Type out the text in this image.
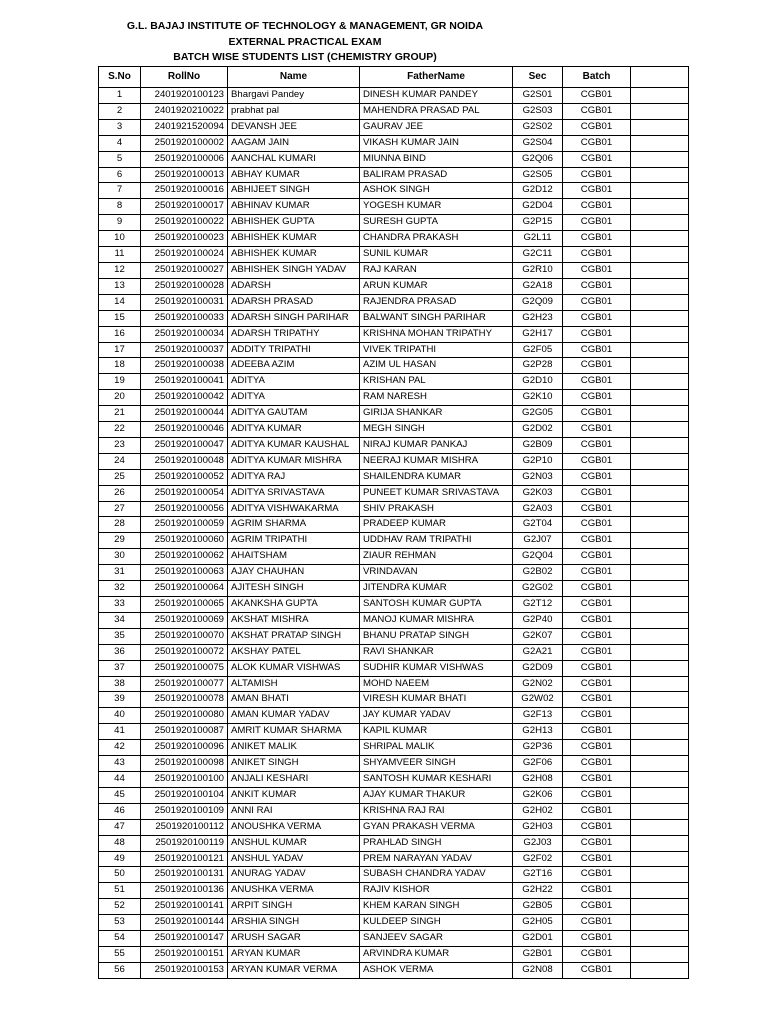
G.L. BAJAJ INSTITUTE OF TECHNOLOGY & MANAGEMENT, GR NOIDA
EXTERNAL PRACTICAL EXAM
BATCH WISE STUDENTS LIST (CHEMISTRY GROUP)
S.No	RollNo	Name	FatherName	Sec	Batch	
1	2401920100123	Bhargavi Pandey	DINESH KUMAR PANDEY	G2S01	CGB01	
2	2401920210022	prabhat pal	MAHENDRA PRASAD PAL	G2S03	CGB01	
3	2401921520094	DEVANSH JEE	GAURAV JEE	G2S02	CGB01	
4	2501920100002	AAGAM JAIN	VIKASH KUMAR JAIN	G2S04	CGB01	
5	2501920100006	AANCHAL KUMARI	MIUNNA BIND	G2Q06	CGB01	
6	2501920100013	ABHAY KUMAR	BALIRAM PRASAD	G2S05	CGB01	
7	2501920100016	ABHIJEET SINGH	ASHOK SINGH	G2D12	CGB01	
8	2501920100017	ABHINAV KUMAR	YOGESH KUMAR	G2D04	CGB01	
9	2501920100022	ABHISHEK GUPTA	SURESH GUPTA	G2P15	CGB01	
10	2501920100023	ABHISHEK KUMAR	CHANDRA PRAKASH	G2L11	CGB01	
11	2501920100024	ABHISHEK KUMAR	SUNIL KUMAR	G2C11	CGB01	
12	2501920100027	ABHISHEK SINGH YADAV	RAJ KARAN	G2R10	CGB01	
13	2501920100028	ADARSH	ARUN KUMAR	G2A18	CGB01	
14	2501920100031	ADARSH PRASAD	RAJENDRA PRASAD	G2Q09	CGB01	
15	2501920100033	ADARSH SINGH PARIHAR	BALWANT SINGH PARIHAR	G2H23	CGB01	
16	2501920100034	ADARSH TRIPATHY	KRISHNA MOHAN TRIPATHY	G2H17	CGB01	
17	2501920100037	ADDITY TRIPATHI	VIVEK TRIPATHI	G2F05	CGB01	
18	2501920100038	ADEEBA AZIM	AZIM UL HASAN	G2P28	CGB01	
19	2501920100041	ADITYA	KRISHAN PAL	G2D10	CGB01	
20	2501920100042	ADITYA	RAM NARESH	G2K10	CGB01	
21	2501920100044	ADITYA GAUTAM	GIRIJA SHANKAR	G2G05	CGB01	
22	2501920100046	ADITYA KUMAR	MEGH SINGH	G2D02	CGB01	
23	2501920100047	ADITYA KUMAR KAUSHAL	NIRAJ KUMAR PANKAJ	G2B09	CGB01	
24	2501920100048	ADITYA KUMAR MISHRA	NEERAJ KUMAR MISHRA	G2P10	CGB01	
25	2501920100052	ADITYA RAJ	SHAILENDRA KUMAR	G2N03	CGB01	
26	2501920100054	ADITYA SRIVASTAVA	PUNEET KUMAR SRIVASTAVA	G2K03	CGB01	
27	2501920100056	ADITYA VISHWAKARMA	SHIV PRAKASH	G2A03	CGB01	
28	2501920100059	AGRIM SHARMA	PRADEEP KUMAR	G2T04	CGB01	
29	2501920100060	AGRIM TRIPATHI	UDDHAV RAM TRIPATHI	G2J07	CGB01	
30	2501920100062	AHAITSHAM	ZIAUR REHMAN	G2Q04	CGB01	
31	2501920100063	AJAY CHAUHAN	VRINDAVAN	G2B02	CGB01	
32	2501920100064	AJITESH SINGH	JITENDRA KUMAR	G2G02	CGB01	
33	2501920100065	AKANKSHA GUPTA	SANTOSH KUMAR GUPTA	G2T12	CGB01	
34	2501920100069	AKSHAT MISHRA	MANOJ KUMAR MISHRA	G2P40	CGB01	
35	2501920100070	AKSHAT PRATAP SINGH	BHANU PRATAP SINGH	G2K07	CGB01	
36	2501920100072	AKSHAY PATEL	RAVI SHANKAR	G2A21	CGB01	
37	2501920100075	ALOK KUMAR VISHWAS	SUDHIR KUMAR VISHWAS	G2D09	CGB01	
38	2501920100077	ALTAMISH	MOHD NAEEM	G2N02	CGB01	
39	2501920100078	AMAN BHATI	VIRESH KUMAR BHATI	G2W02	CGB01	
40	2501920100080	AMAN KUMAR YADAV	JAY KUMAR YADAV	G2F13	CGB01	
41	2501920100087	AMRIT KUMAR SHARMA	KAPIL KUMAR	G2H13	CGB01	
42	2501920100096	ANIKET MALIK	SHRIPAL MALIK	G2P36	CGB01	
43	2501920100098	ANIKET SINGH	SHYAMVEER SINGH	G2F06	CGB01	
44	2501920100100	ANJALI KESHARI	SANTOSH KUMAR KESHARI	G2H08	CGB01	
45	2501920100104	ANKIT KUMAR	AJAY KUMAR THAKUR	G2K06	CGB01	
46	2501920100109	ANNI RAI	KRISHNA RAJ RAI	G2H02	CGB01	
47	2501920100112	ANOUSHKA VERMA	GYAN PRAKASH VERMA	G2H03	CGB01	
48	2501920100119	ANSHUL KUMAR	PRAHLAD SINGH	G2J03	CGB01	
49	2501920100121	ANSHUL YADAV	PREM NARAYAN YADAV	G2F02	CGB01	
50	2501920100131	ANURAG YADAV	SUBASH CHANDRA YADAV	G2T16	CGB01	
51	2501920100136	ANUSHKA VERMA	RAJIV KISHOR	G2H22	CGB01	
52	2501920100141	ARPIT SINGH	KHEM KARAN SINGH	G2B05	CGB01	
53	2501920100144	ARSHIA SINGH	KULDEEP SINGH	G2H05	CGB01	
54	2501920100147	ARUSH SAGAR	SANJEEV SAGAR	G2D01	CGB01	
55	2501920100151	ARYAN KUMAR	ARVINDRA KUMAR	G2B01	CGB01	
56	2501920100153	ARYAN KUMAR VERMA	ASHOK VERMA	G2N08	CGB01	
